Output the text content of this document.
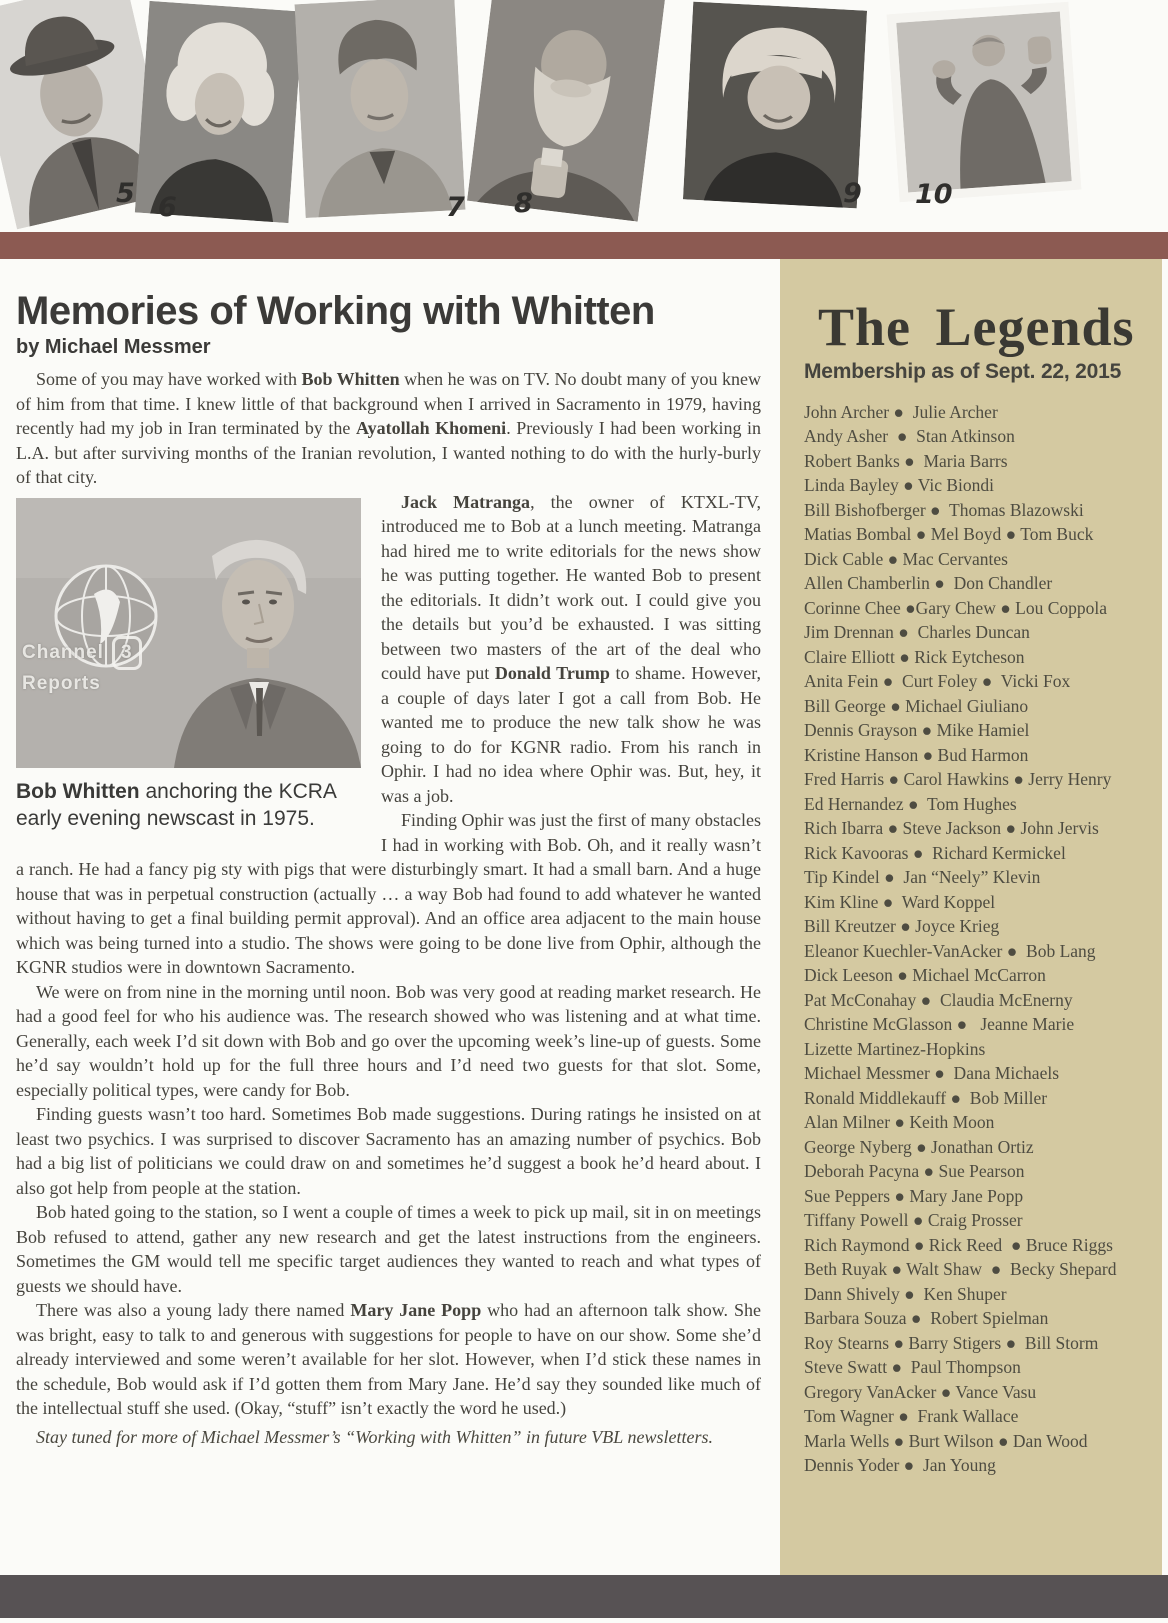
5 6	7 8	9 10
The Legends
Membership as of Sept. 22, 2015
John Archer ●  Julie Archer
Andy Asher  ●  Stan Atkinson
Robert Banks ●  Maria Barrs
Linda Bayley ● Vic Biondi
Bill Bishofberger ●  Thomas Blazowski
Matias Bombal ● Mel Boyd ● Tom Buck
Dick Cable ● Mac Cervantes
Allen Chamberlin ●  Don Chandler
Corinne Chee ●Gary Chew ● Lou Coppola
Jim Drennan ●  Charles Duncan
Claire Elliott ● Rick Eytcheson
Anita Fein ●  Curt Foley ●  Vicki Fox
Bill George ● Michael Giuliano
Dennis Grayson ● Mike Hamiel
Kristine Hanson ● Bud Harmon
Fred Harris ● Carol Hawkins ● Jerry Henry
Ed Hernandez ●  Tom Hughes
Rich Ibarra ● Steve Jackson ● John Jervis
Rick Kavooras ●  Richard Kermickel
Tip Kindel ●  Jan “Neely” Klevin
Kim Kline ●  Ward Koppel
Bill Kreutzer ● Joyce Krieg
Eleanor Kuechler-VanAcker ●  Bob Lang
Dick Leeson ● Michael McCarron
Pat McConahay ●  Claudia McEnerny
Christine McGlasson ●   Jeanne Marie
Lizette Martinez-Hopkins
Michael Messmer ●  Dana Michaels
Ronald Middlekauff ●  Bob Miller
Alan Milner ● Keith Moon
George Nyberg ● Jonathan Ortiz
Deborah Pacyna ● Sue Pearson
Sue Peppers ● Mary Jane Popp
Tiffany Powell ● Craig Prosser
Rich Raymond ● Rick Reed  ● Bruce Riggs
Beth Ruyak ● Walt Shaw  ●  Becky Shepard
Dann Shively ●  Ken Shuper
Barbara Souza ●  Robert Spielman
Roy Stearns ● Barry Stigers ●  Bill Storm
Steve Swatt ●  Paul Thompson
Gregory VanAcker ● Vance Vasu
Tom Wagner ●  Frank Wallace
Marla Wells ● Burt Wilson ● Dan Wood
Dennis Yoder ●  Jan Young
Memories of Working with Whitten
by Michael Messmer

Some of you may have worked with Bob Whitten when he was on TV. No doubt many of you knew of him from that time. I knew little of that background when I arrived in Sacramento in 1979, having recently had my job in Iran terminated by the Ayatollah Khomeni. Previously I had been working in L.A. but after surviving months of the Iranian revolution, I wanted nothing to do with the hurly-burly of that city.

Channel 3
Reports
Bob Whitten anchoring the KCRA early evening newscast in 1975.

Jack Matranga, the owner of KTXL-TV, introduced me to Bob at a lunch meeting. Matranga had hired me to write editorials for the news show he was putting together. He wanted Bob to present the editorials. It didn’t work out. I could give you the details but you’d be exhausted. I was sitting between two masters of the art of the deal who could have put Donald Trump to shame. However, a couple of days later I got a call from Bob. He wanted me to produce the new talk show he was going to do for KGNR radio. From his ranch in Ophir. I had no idea where Ophir was. But, hey, it was a job.

Finding Ophir was just the first of many obstacles I had in working with Bob. Oh, and it really wasn’t a ranch. He had a fancy pig sty with pigs that were disturbingly smart. It had a small barn. And a huge house that was in perpetual construction (actually … a way Bob had found to add whatever he wanted without having to get a final building permit approval). And an office area adjacent to the main house which was being turned into a studio. The shows were going to be done live from Ophir, although the KGNR studios were in downtown Sacramento.

We were on from nine in the morning until noon. Bob was very good at reading market research. He had a good feel for who his audience was. The research showed who was listening and at what time. Generally, each week I’d sit down with Bob and go over the upcoming week’s line-up of guests. Some he’d say wouldn’t hold up for the full three hours and I’d need two guests for that slot. Some, especially political types, were candy for Bob.

Finding guests wasn’t too hard. Sometimes Bob made suggestions. During ratings he insisted on at least two psychics. I was surprised to discover Sacramento has an amazing number of psychics. Bob had a big list of politicians we could draw on and sometimes he’d suggest a book he’d heard about. I also got help from people at the station.

Bob hated going to the station, so I went a couple of times a week to pick up mail, sit in on meetings Bob refused to attend, gather any new research and get the latest instructions from the engineers. Sometimes the GM would tell me specific target audiences they wanted to reach and what types of guests we should have.

There was also a young lady there named Mary Jane Popp who had an afternoon talk show. She was bright, easy to talk to and generous with suggestions for people to have on our show. Some she’d already interviewed and some weren’t available for her slot. However, when I’d stick these names in the schedule, Bob would ask if I’d gotten them from Mary Jane. He’d say they sounded like much of the intellectual stuff she used. (Okay, “stuff” isn’t exactly the word he used.)

Stay tuned for more of Michael Messmer’s “Working with Whitten” in future VBL newsletters.
